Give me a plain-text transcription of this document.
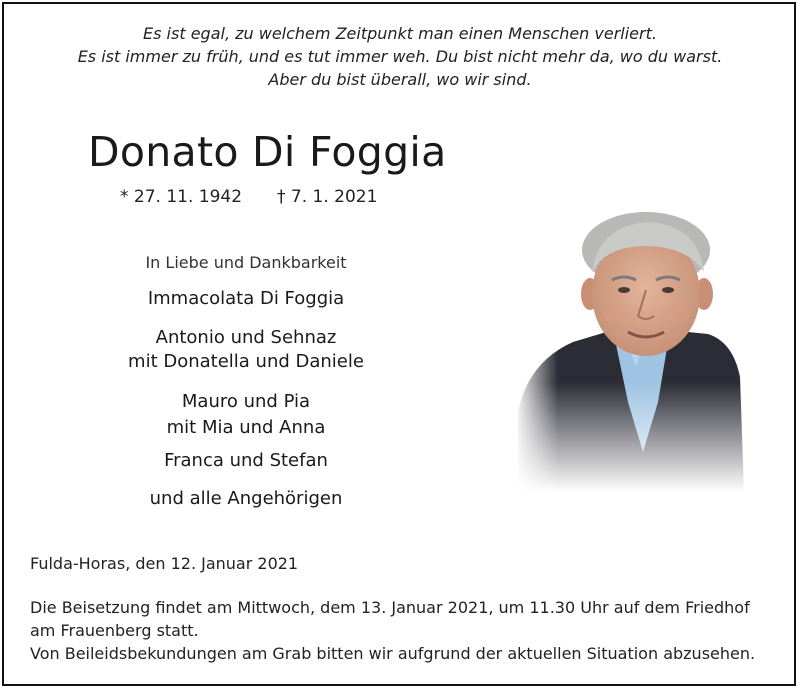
Es ist egal, zu welchem Zeitpunkt man einen Menschen verliert.
Es ist immer zu früh, und es tut immer weh. Du bist nicht mehr da, wo du warst.
Aber du bist überall, wo wir sind.
Donato Di Foggia
* 27. 11. 1942 † 7. 1. 2021
In Liebe und Dankbarkeit
Immacolata Di Foggia
Antonio und Sehnaz
mit Donatella und Daniele
Mauro und Pia
mit Mia und Anna
Franca und Stefan
und alle Angehörigen
Fulda-Horas, den 12. Januar 2021
Die Beisetzung findet am Mittwoch, dem 13. Januar 2021, um 11.30 Uhr auf dem Friedhof
am Frauenberg statt.
Von Beileidsbekundungen am Grab bitten wir aufgrund der aktuellen Situation abzusehen.
